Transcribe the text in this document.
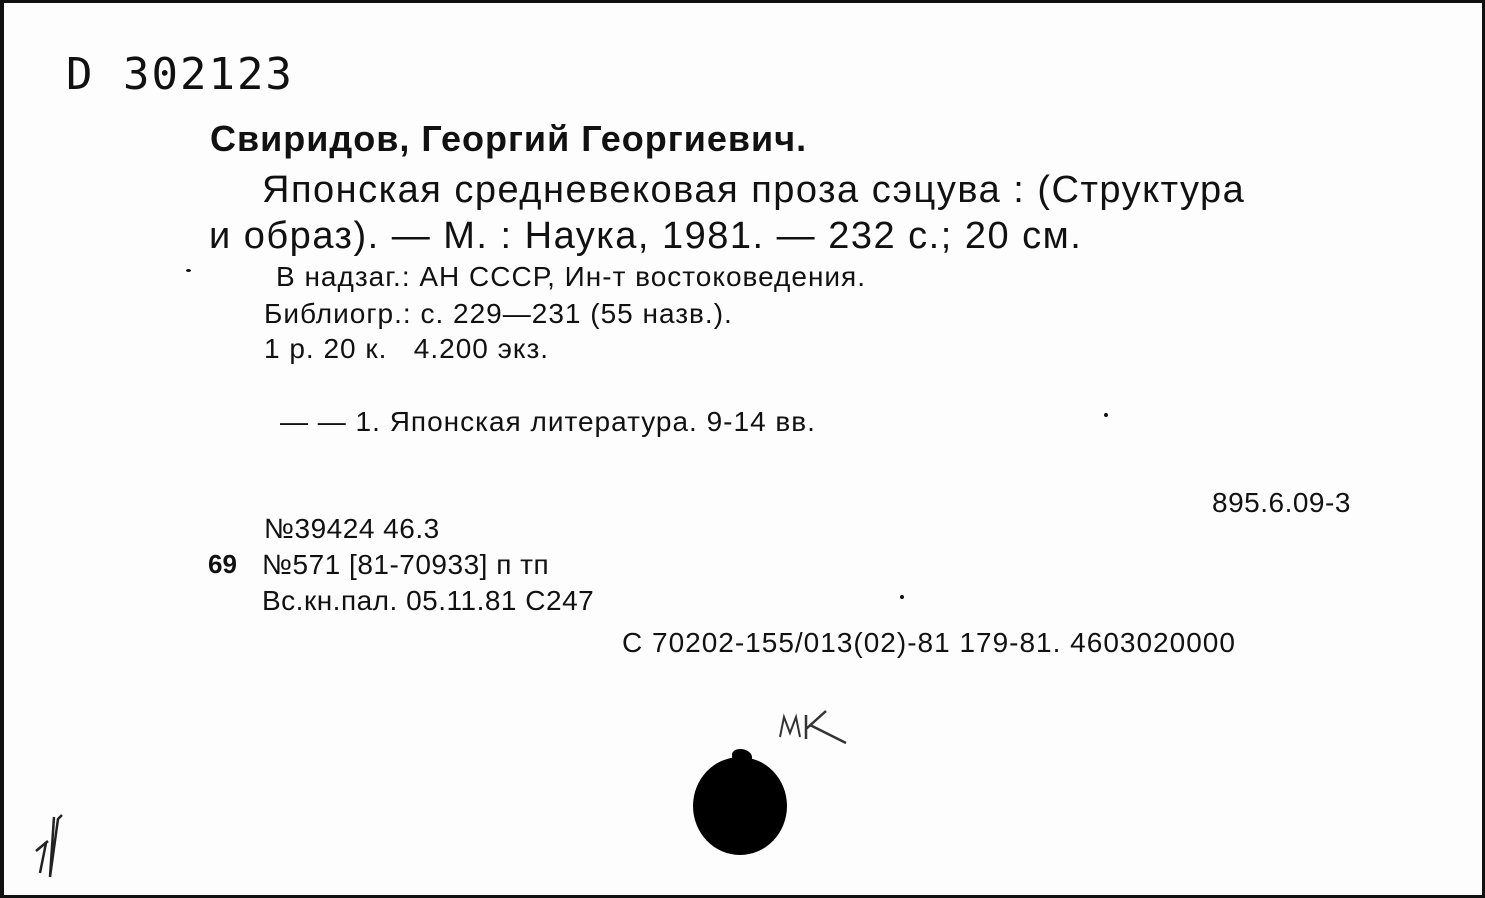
D 302123
Свиридов, Георгий Георгиевич.
Японская средневековая проза сэцува : (Структура
и образ). — М. : Наука, 1981. — 232 с.; 20 см.
В надзаг.: АН СССР, Ин-т востоковедения.
Библиогр.: с. 229—231 (55 назв.).
1 р. 20 к.   4.200 экз.
— — 1. Японская литература. 9-14 вв.
895.6.09-3
№39424 46.3
69 №571 [81-70933] п тп
Вс.кн.пал. 05.11.81 С247
С 70202-155/013(02)-81 179-81. 4603020000
